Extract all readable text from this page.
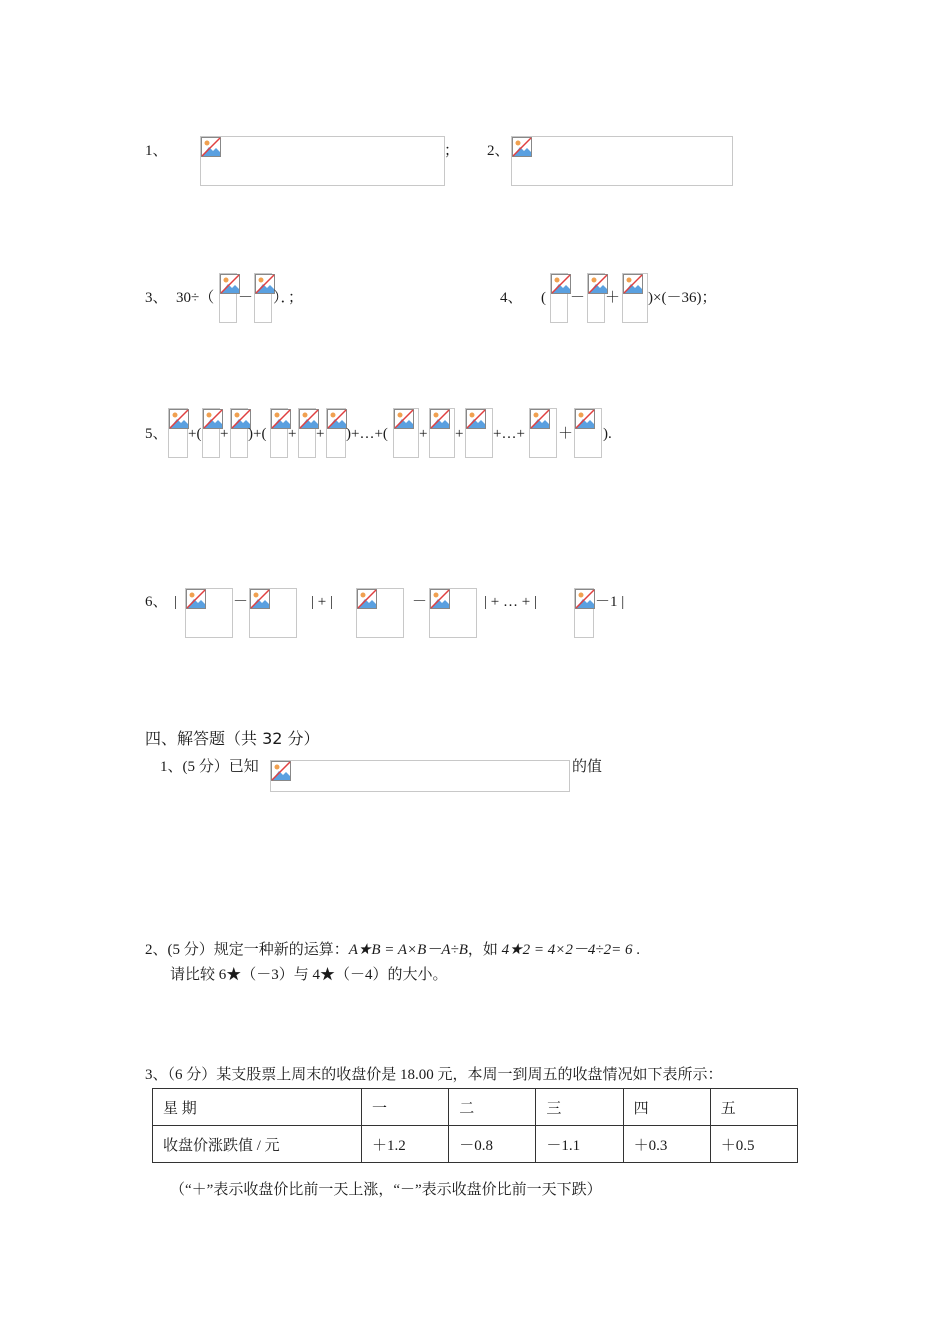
1、	； 2、
3、 30÷（ － ）．；	4、 ( － ＋ )×(－36)；
5、 +( + )+( + + )+…+( + + +…+ ＋ ).
6、 |	－	| + |	－	| + … + |	－1 |
四、解答题（共 32 分）
1、(5 分）已知	的值
2、(5 分）规定一种新的运算：A★B = A×B－A÷B，如 4★2 = 4×2－4÷2= 6 .
请比较 6★（－3）与 4★（－4）的大小。
3、（6 分）某支股票上周末的收盘价是 18.00 元，本周一到周五的收盘情况如下表所示：
星 期	一	二	三	四	五
收盘价涨跌值 / 元	＋1.2	－0.8	－1.1	＋0.3	＋0.5
（“＋”表示收盘价比前一天上涨，“－”表示收盘价比前一天下跌）
